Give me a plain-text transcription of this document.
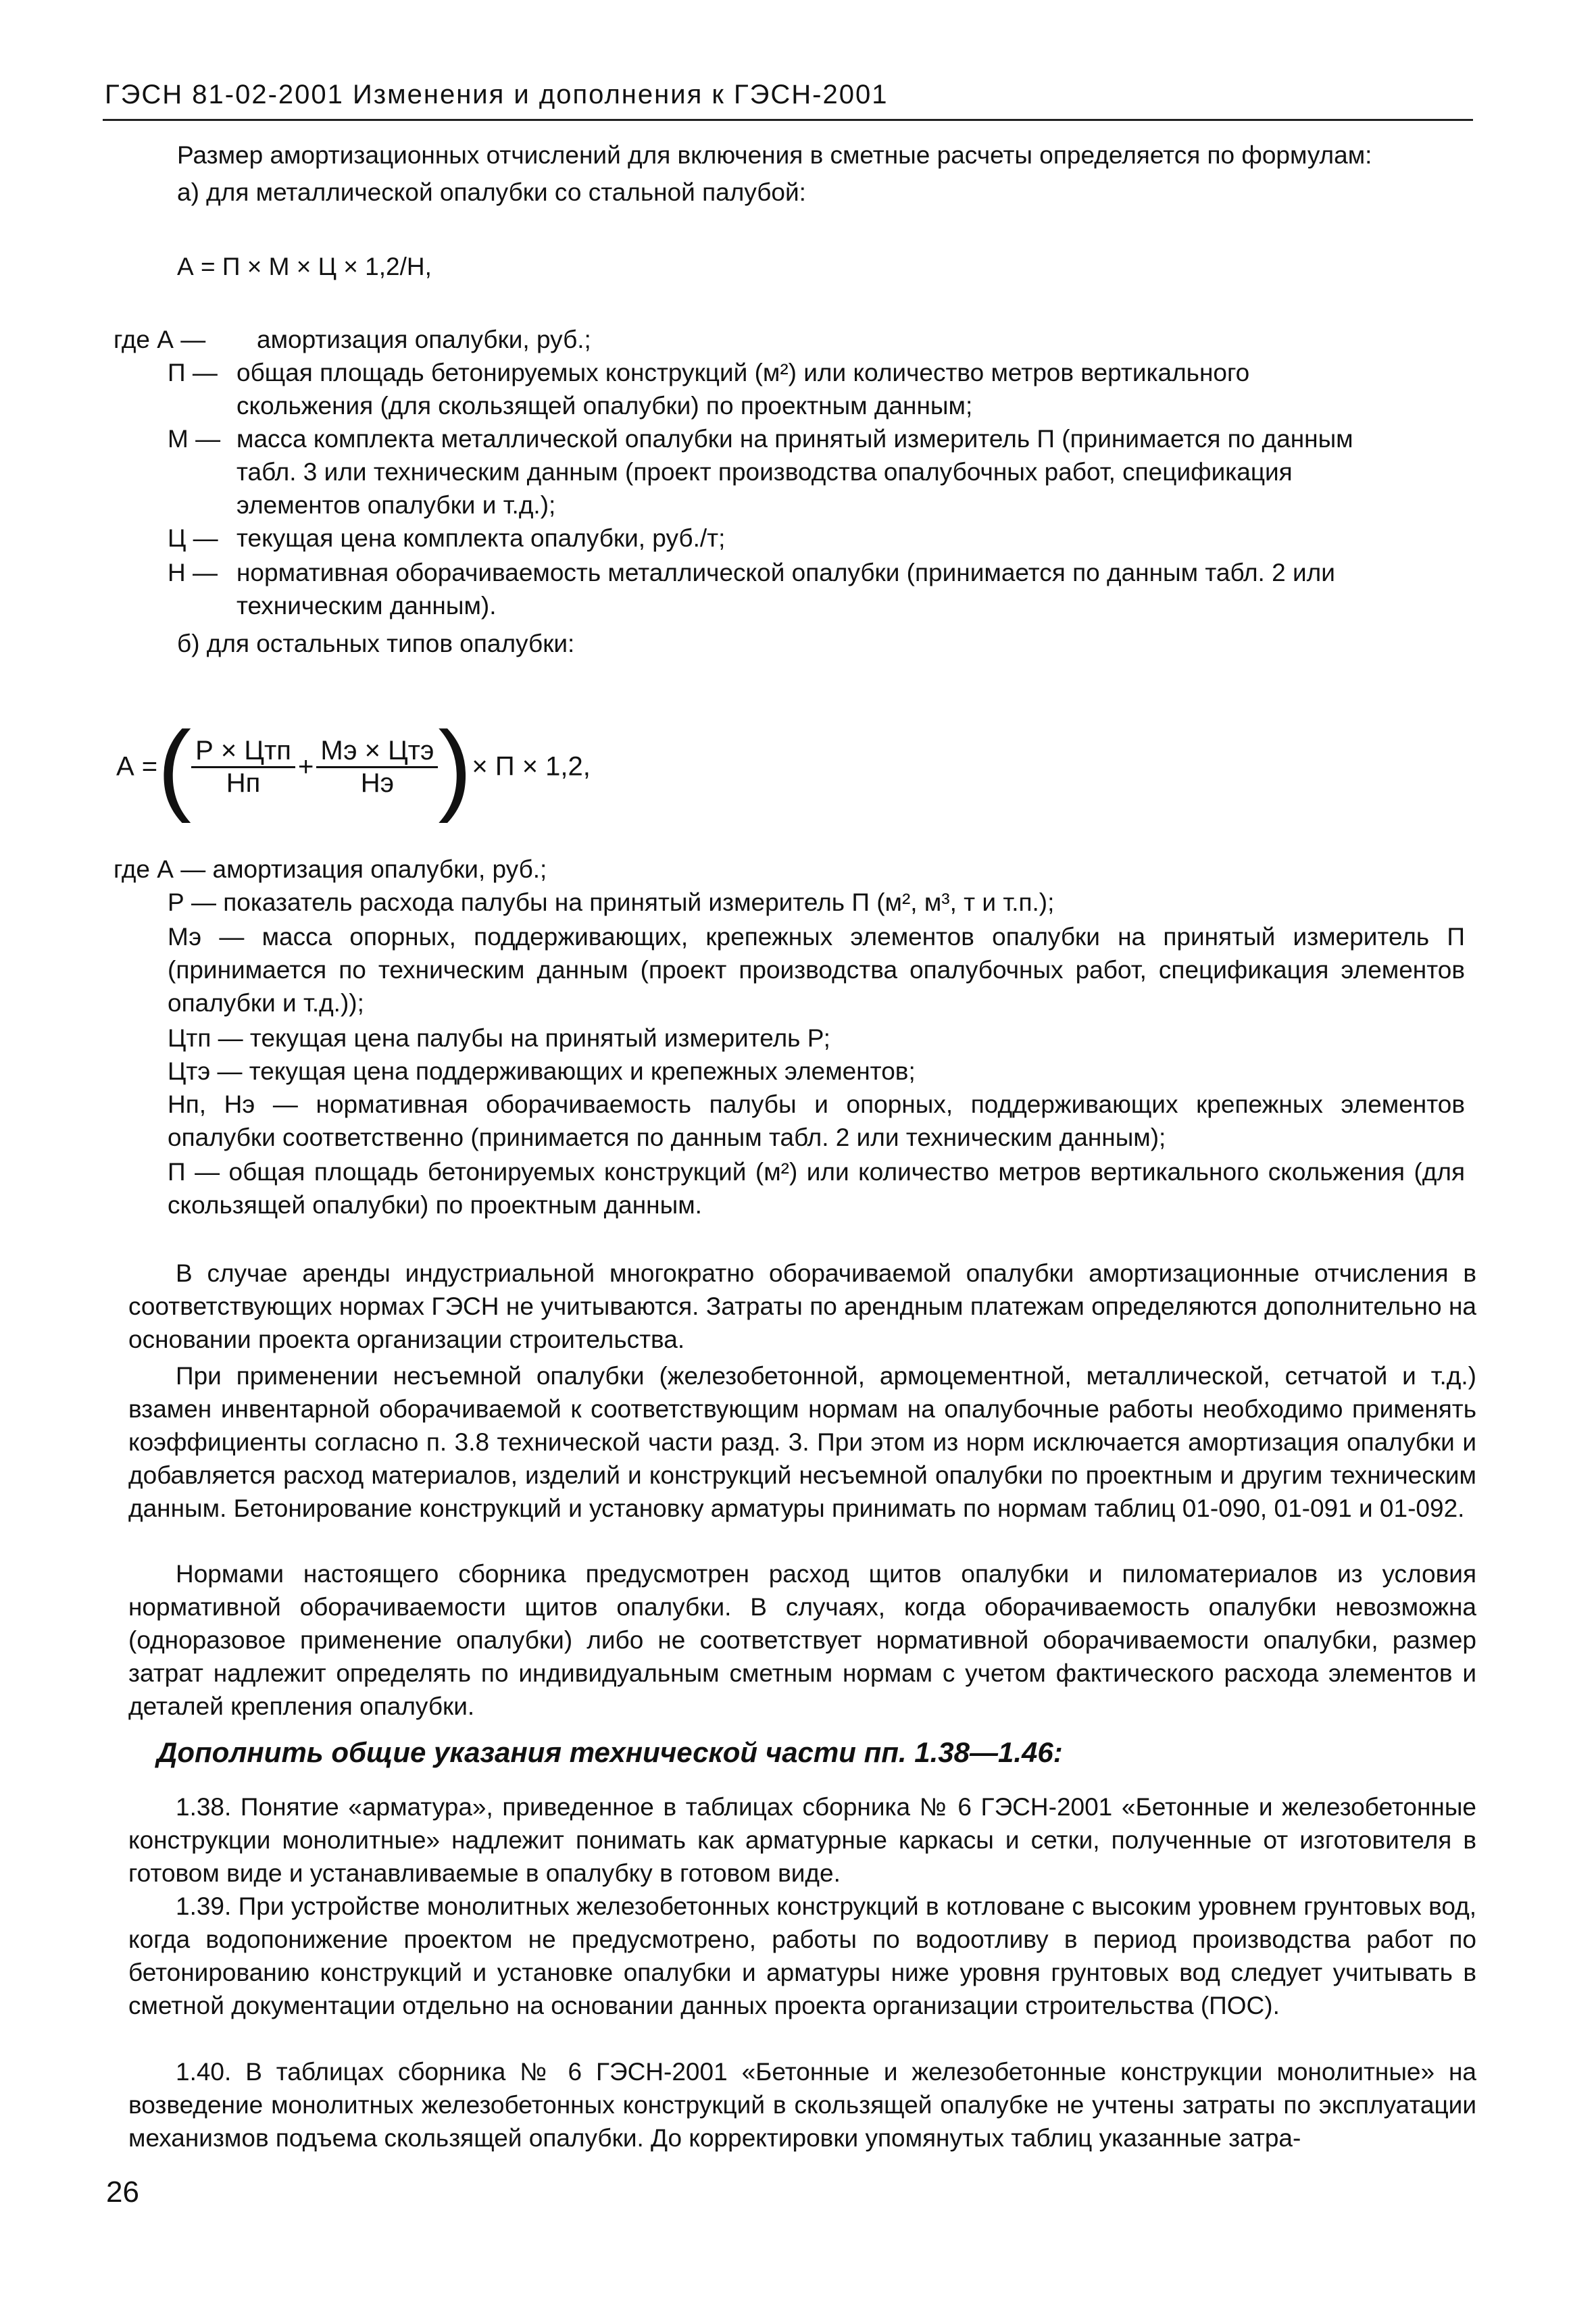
ГЭСН 81-02-2001 Изменения и дополнения к ГЭСН-2001
Размер амортизационных отчислений для включения в сметные расчеты определяется по формулам:
а) для металлической опалубки со стальной палубой:
А = П × М × Ц × 1,2/Н,
где А — амортизация опалубки, руб.;
П — общая площадь бетонируемых конструкций (м²) или количество метров вертикального скольжения (для скользящей опалубки) по проектным данным;
М — масса комплекта металлической опалубки на принятый измеритель П (принимается по данным табл. 3 или техническим данным (проект производства опалубочных работ, спецификация элементов опалубки и т.д.);
Ц — текущая цена комплекта опалубки, руб./т;
Н — нормативная оборачиваемость металлической опалубки (принимается по данным табл. 2 или техническим данным).
б) для остальных типов опалубки:
А =( $\frac{\text{Р × Цтп}}{Нп} + \frac{\text{Мэ × Цтэ}}{Нэ}$ )× П × 1,2,
где А — амортизация опалубки, руб.;
Р — показатель расхода палубы на принятый измеритель П (м², м³, т и т.п.);
Мэ — масса опорных, поддерживающих, крепежных элементов опалубки на принятый измеритель П (принимается по техническим данным (проект производства опалубочных работ, спецификация элементов опалубки и т.д.));
Цтп — текущая цена палубы на принятый измеритель Р;
Цтэ — текущая цена поддерживающих и крепежных элементов;
Нп, Нэ — нормативная оборачиваемость палубы и опорных, поддерживающих крепежных элементов опалубки соответственно (принимается по данным табл. 2 или техническим данным);
П — общая площадь бетонируемых конструкций (м²) или количество метров вертикального скольжения (для скользящей опалубки) по проектным данным.
В случае аренды индустриальной многократно оборачиваемой опалубки амортизационные отчисления в соответствующих нормах ГЭСН не учитываются. Затраты по арендным платежам определяются дополнительно на основании проекта организации строительства.
При применении несъемной опалубки (железобетонной, армоцементной, металлической, сетчатой и т.д.) взамен инвентарной оборачиваемой к соответствующим нормам на опалубочные работы необходимо применять коэффициенты согласно п. 3.8 технической части разд. 3. При этом из норм исключается амортизация опалубки и добавляется расход материалов, изделий и конструкций несъемной опалубки по проектным и другим техническим данным. Бетонирование конструкций и установку арматуры принимать по нормам таблиц 01-090, 01-091 и 01-092.
Нормами настоящего сборника предусмотрен расход щитов опалубки и пиломатериалов из условия нормативной оборачиваемости щитов опалубки. В случаях, когда оборачиваемость опалубки невозможна (одноразовое применение опалубки) либо не соответствует нормативной оборачиваемости опалубки, размер затрат надлежит определять по индивидуальным сметным нормам с учетом фактического расхода элементов и деталей крепления опалубки.
Дополнить общие указания технической части пп. 1.38—1.46:
1.38. Понятие «арматура», приведенное в таблицах сборника № 6 ГЭСН-2001 «Бетонные и железобетонные конструкции монолитные» надлежит понимать как арматурные каркасы и сетки, полученные от изготовителя в готовом виде и устанавливаемые в опалубку в готовом виде.
1.39. При устройстве монолитных железобетонных конструкций в котловане с высоким уровнем грунтовых вод, когда водопонижение проектом не предусмотрено, работы по водоотливу в период производства работ по бетонированию конструкций и установке опалубки и арматуры ниже уровня грунтовых вод следует учитывать в сметной документации отдельно на основании данных проекта организации строительства (ПОС).
1.40. В таблицах сборника № 6 ГЭСН-2001 «Бетонные и железобетонные конструкции монолитные» на возведение монолитных железобетонных конструкций в скользящей опалубке не учтены затраты по эксплуатации механизмов подъема скользящей опалубки. До корректировки упомянутых таблиц указанные затра-
26
